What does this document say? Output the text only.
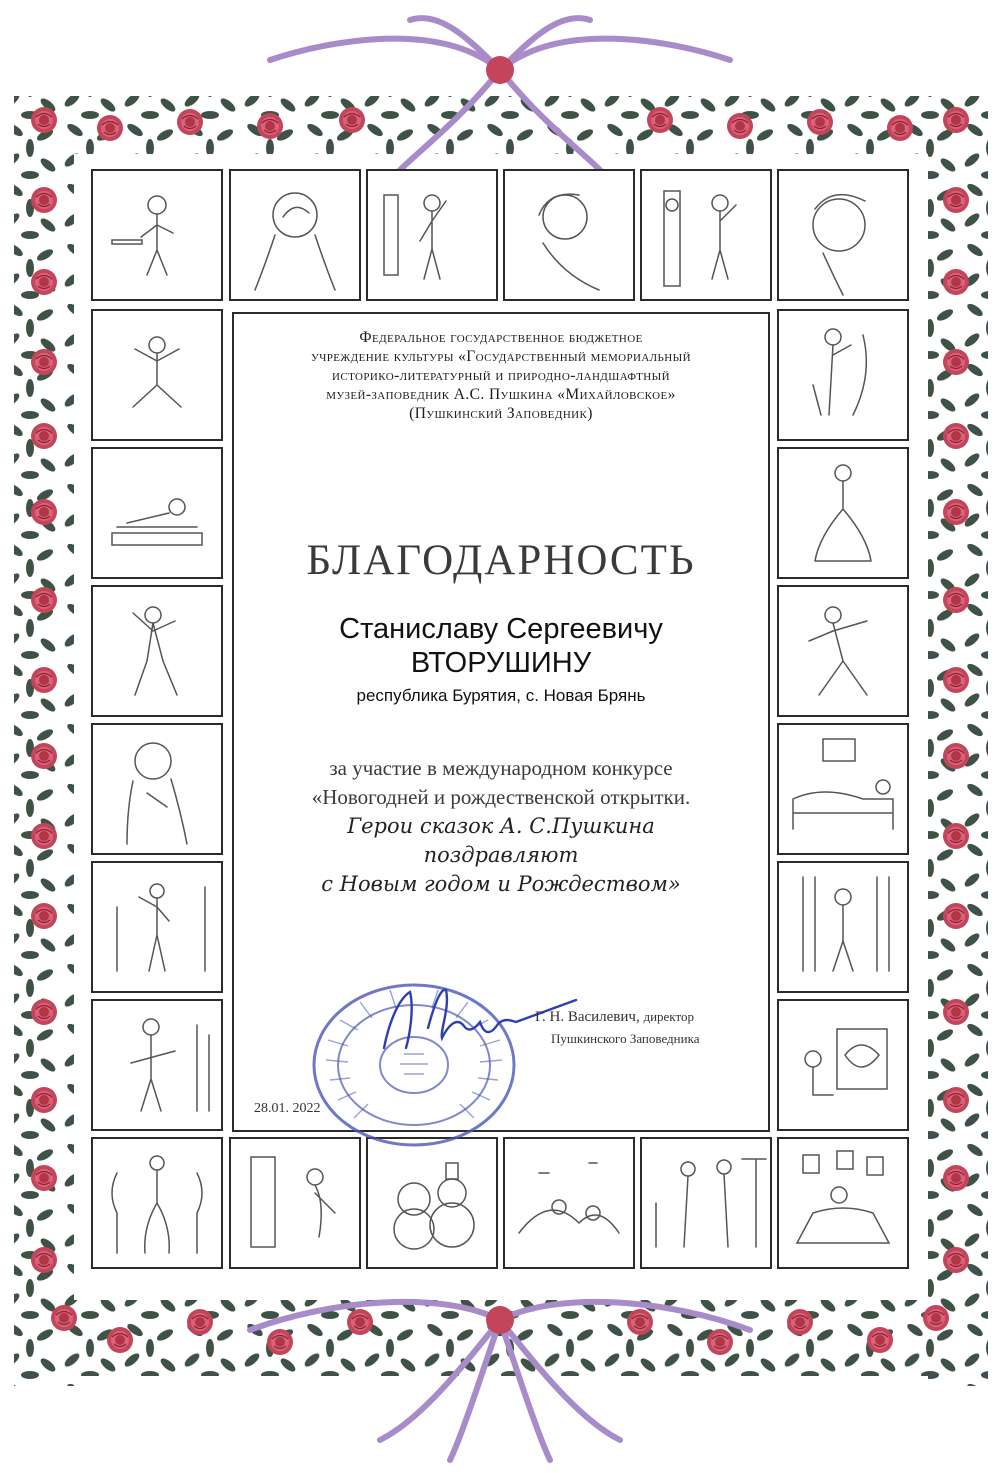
Федеральное государственное бюджетное
учреждение культуры «Государственный мемориальный
историко-литературный и природно-ландшафтный
музей-заповедник А.С. Пушкина «Михайловское»
(Пушкинский Заповедник)
БЛАГОДАРНОСТЬ
Станиславу Сергеевичу
ВТОРУШИНУ
республика Бурятия, с. Новая Брянь
за участие в международном конкурсе
«Новогодней и рождественской открытки.
Герои сказок А. С.Пушкина
поздравляют
с Новым годом и Рождеством»
Г. Н. Василевич, директор
Пушкинского Заповедника
28.01. 2022
